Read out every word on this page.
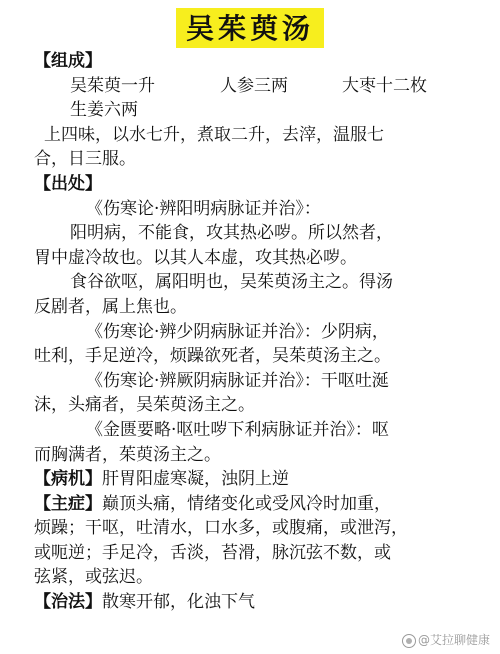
吴茱萸汤
【组成】
吴茱萸一升	人参三两	大枣十二枚
生姜六两
上四味，以水七升，煮取二升，去滓，温服七
合，日三服。
【出处】
《伤寒论·辨阳明病脉证并治》：
阳明病，不能食，攻其热必哕。所以然者，
胃中虚冷故也。以其人本虚，攻其热必哕。
食谷欲呕，属阳明也，吴茱萸汤主之。得汤
反剧者，属上焦也。
《伤寒论·辨少阴病脉证并治》：少阴病，
吐利，手足逆冷，烦躁欲死者，吴茱萸汤主之。
《伤寒论·辨厥阴病脉证并治》：干呕吐涎
沫，头痛者，吴茱萸汤主之。
《金匮要略·呕吐哕下利病脉证并治》：呕
而胸满者，茱萸汤主之。
【病机】肝胃阳虚寒凝，浊阴上逆
【主症】巅顶头痛，情绪变化或受风冷时加重，
烦躁；干呕，吐清水，口水多，或腹痛，或泄泻，
或呃逆；手足冷，舌淡，苔滑，脉沉弦不数，或
弦紧，或弦迟。
【治法】散寒开郁，化浊下气
@艾拉聊健康
